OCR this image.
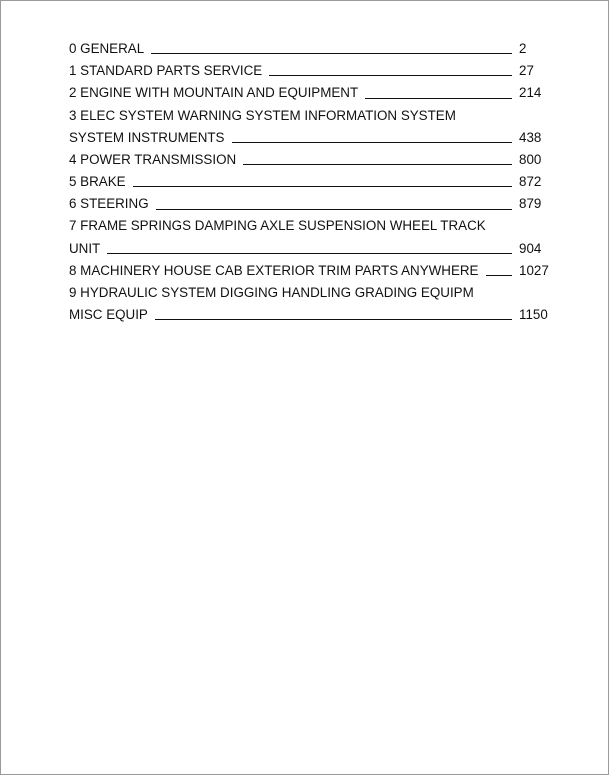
0 GENERAL	2
1 STANDARD PARTS SERVICE	27
2 ENGINE WITH MOUNTAIN AND EQUIPMENT	214
3 ELEC SYSTEM WARNING SYSTEM INFORMATION SYSTEM
SYSTEM INSTRUMENTS	438
4 POWER TRANSMISSION	800
5 BRAKE	872
6 STEERING	879
7 FRAME SPRINGS DAMPING AXLE SUSPENSION WHEEL TRACK
UNIT	904
8 MACHINERY HOUSE CAB EXTERIOR TRIM PARTS ANYWHERE	1027
9 HYDRAULIC SYSTEM DIGGING HANDLING GRADING EQUIPM
MISC EQUIP	1150
